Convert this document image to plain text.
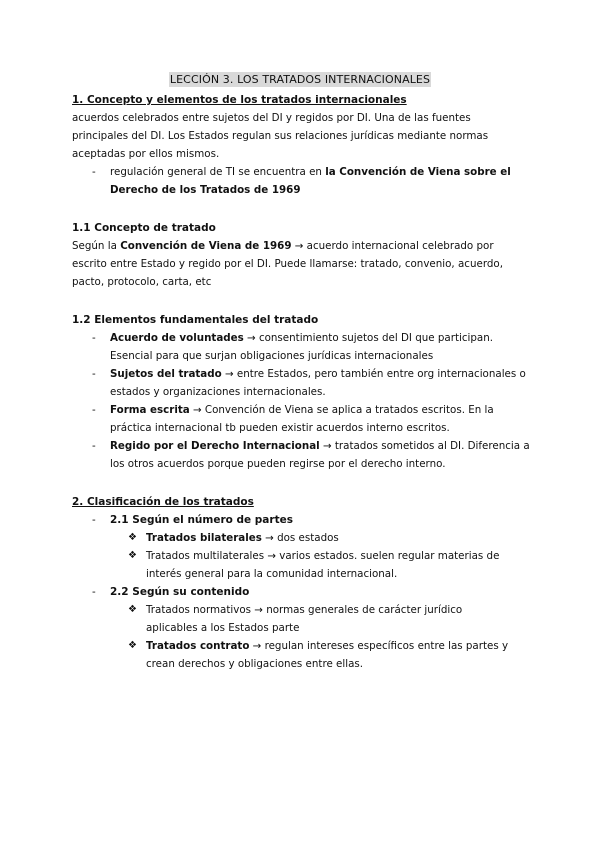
LECCIÓN 3. LOS TRATADOS INTERNACIONALES
1. Concepto y elementos de los tratados internacionales
acuerdos celebrados entre sujetos del DI y regidos por DI. Una de las fuentes
principales del DI. Los Estados regulan sus relaciones jurídicas mediante normas
aceptadas por ellos mismos.
- regulación general de TI se encuentra en la Convención de Viena sobre el
Derecho de los Tratados de 1969
1.1 Concepto de tratado
Según la Convención de Viena de 1969 → acuerdo internacional celebrado por
escrito entre Estado y regido por el DI. Puede llamarse: tratado, convenio, acuerdo,
pacto, protocolo, carta, etc
1.2 Elementos fundamentales del tratado
- Acuerdo de voluntades → consentimiento sujetos del DI que participan.
Esencial para que surjan obligaciones jurídicas internacionales
- Sujetos del tratado → entre Estados, pero también entre org internacionales o
estados y organizaciones internacionales.
- Forma escrita → Convención de Viena se aplica a tratados escritos. En la
práctica internacional tb pueden existir acuerdos interno escritos.
- Regido por el Derecho Internacional → tratados sometidos al DI. Diferencia a
los otros acuerdos porque pueden regirse por el derecho interno.
2. Clasificación de los tratados
- 2.1 Según el número de partes
❖ Tratados bilaterales → dos estados
❖ Tratados multilaterales → varios estados. suelen regular materias de
interés general para la comunidad internacional.
- 2.2 Según su contenido
❖ Tratados normativos → normas generales de carácter jurídico
aplicables a los Estados parte
❖ Tratados contrato → regulan intereses específicos entre las partes y
crean derechos y obligaciones entre ellas.
